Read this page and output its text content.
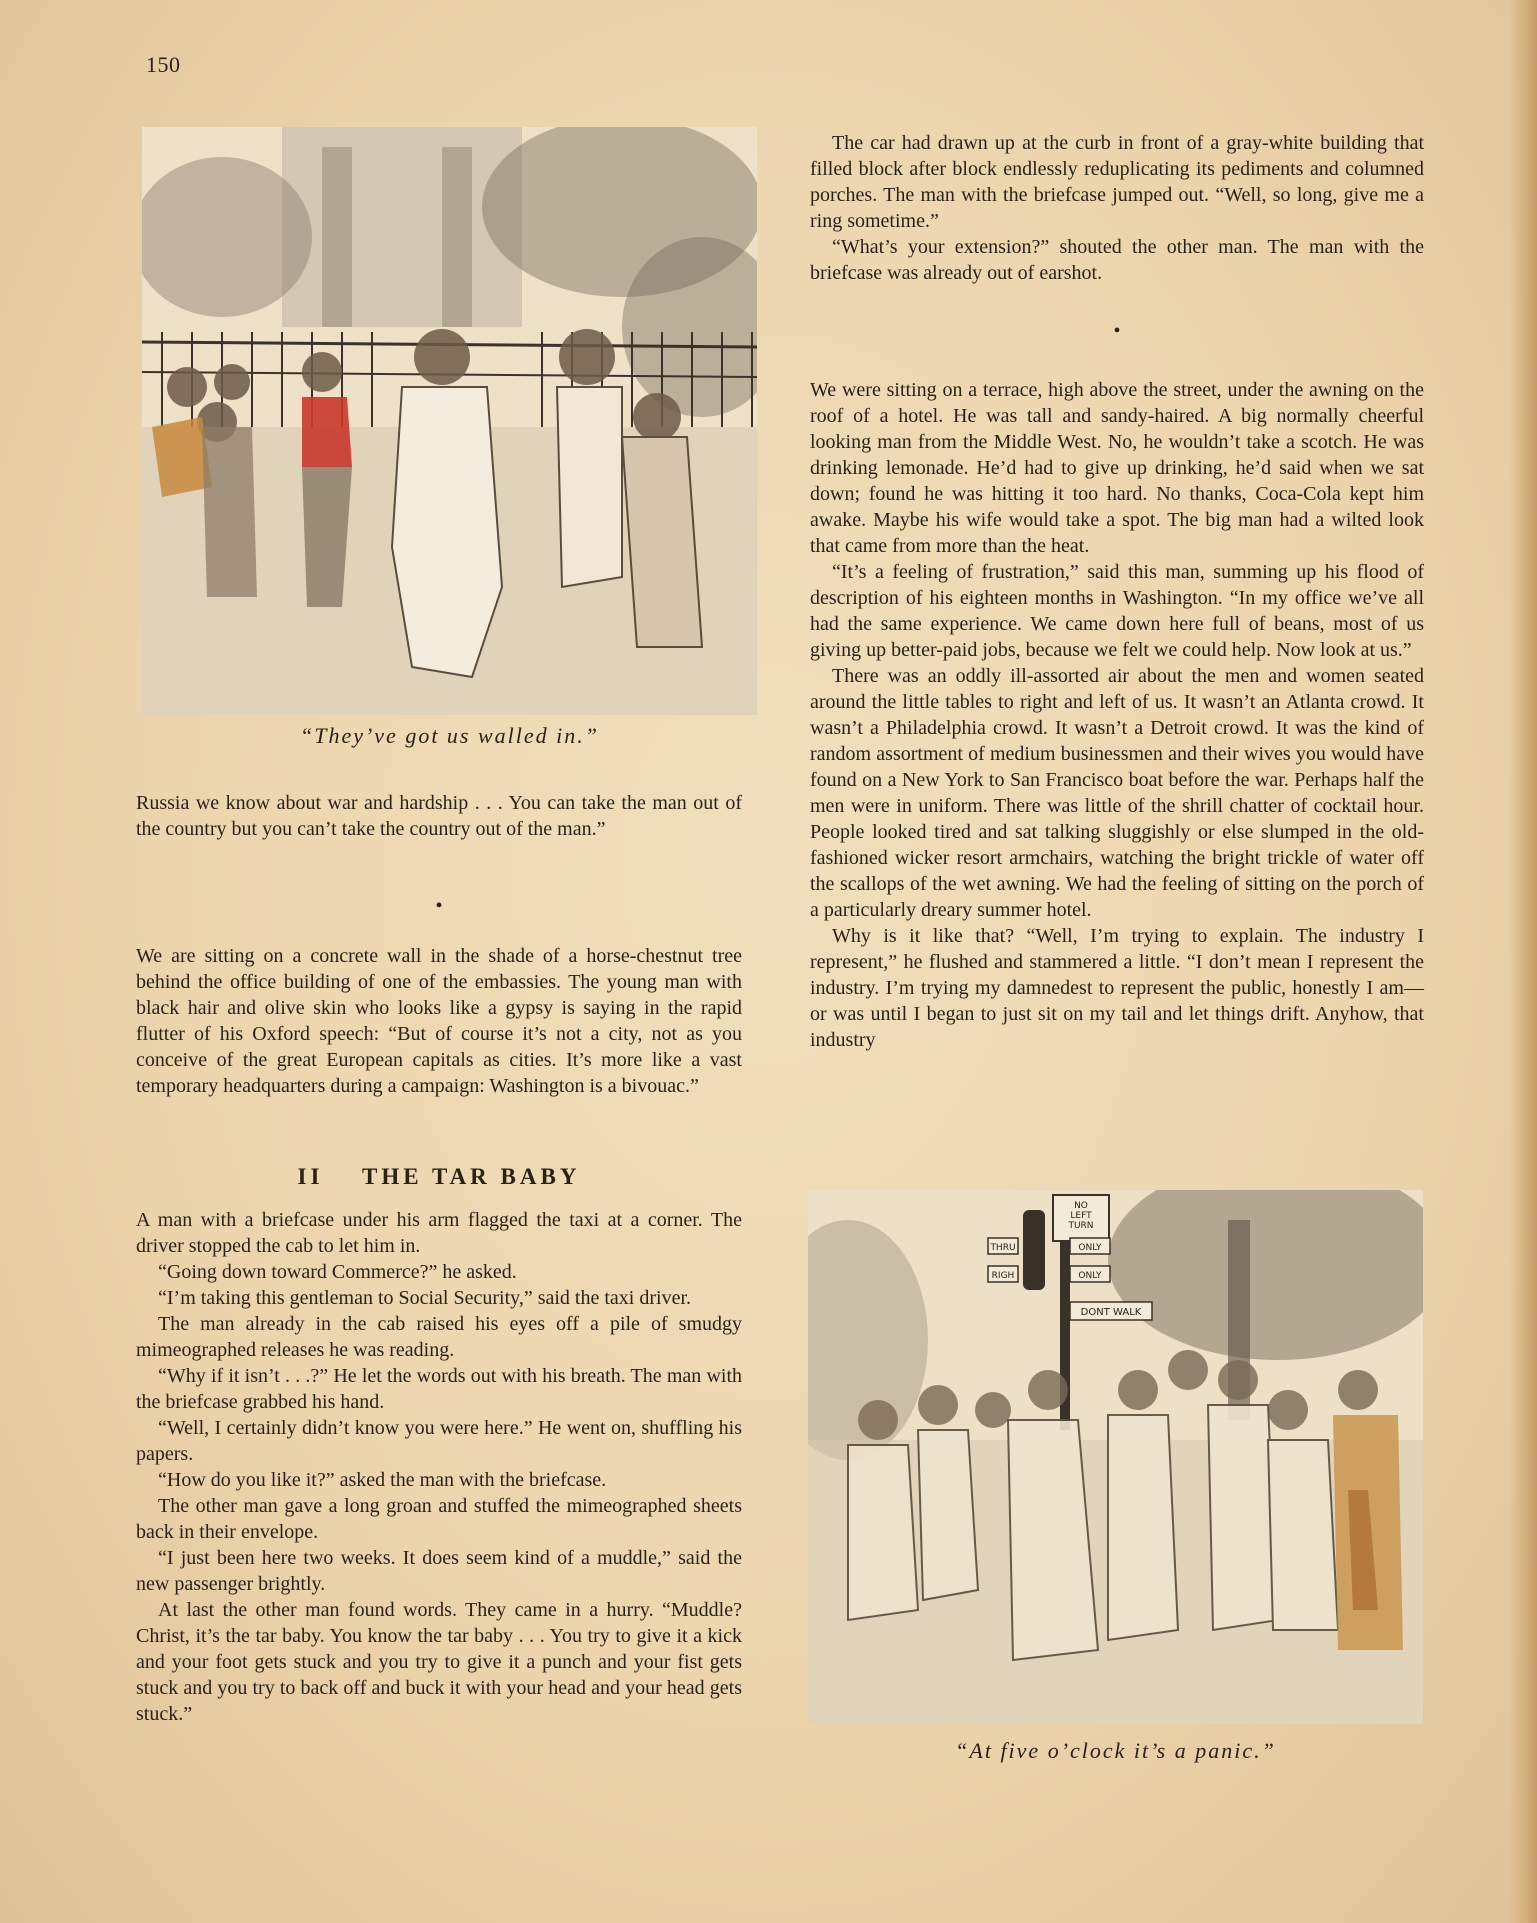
150
“They’ve got us walled in.”

Russia we know about war and hardship . . . You can take the man out of the country but you can’t take the country out of the man.”

•

We are sitting on a concrete wall in the shade of a horse-chestnut tree behind the office building of one of the embassies. The young man with black hair and olive skin who looks like a gypsy is saying in the rapid flutter of his Oxford speech: “But of course it’s not a city, not as you conceive of the great European capitals as cities. It’s more like a vast temporary headquarters during a campaign: Washington is a bivouac.”

II    THE TAR BABY

A man with a briefcase under his arm flagged the taxi at a corner. The driver stopped the cab to let him in.

“Going down toward Commerce?” he asked.

“I’m taking this gentleman to Social Security,” said the taxi driver.

The man already in the cab raised his eyes off a pile of smudgy mimeographed releases he was reading.

“Why if it isn’t . . .?” He let the words out with his breath. The man with the briefcase grabbed his hand.

“Well, I certainly didn’t know you were here.” He went on, shuffling his papers.

“How do you like it?” asked the man with the briefcase.

The other man gave a long groan and stuffed the mimeographed sheets back in their envelope.

“I just been here two weeks. It does seem kind of a muddle,” said the new passenger brightly.

At last the other man found words. They came in a hurry. “Muddle? Christ, it’s the tar baby. You know the tar baby . . . You try to give it a kick and your foot gets stuck and you try to give it a punch and your fist gets stuck and you try to back off and buck it with your head and your head gets stuck.”

The car had drawn up at the curb in front of a gray-white building that filled block after block endlessly reduplicating its pediments and columned porches. The man with the briefcase jumped out. “Well, so long, give me a ring sometime.”

“What’s your extension?” shouted the other man. The man with the briefcase was already out of earshot.

•

We were sitting on a terrace, high above the street, under the awning on the roof of a hotel. He was tall and sandy-haired. A big normally cheerful looking man from the Middle West. No, he wouldn’t take a scotch. He was drinking lemonade. He’d had to give up drinking, he’d said when we sat down; found he was hitting it too hard. No thanks, Coca-Cola kept him awake. Maybe his wife would take a spot. The big man had a wilted look that came from more than the heat.

“It’s a feeling of frustration,” said this man, summing up his flood of description of his eighteen months in Washington. “In my office we’ve all had the same experience. We came down here full of beans, most of us giving up better-paid jobs, because we felt we could help. Now look at us.”

There was an oddly ill-assorted air about the men and women seated around the little tables to right and left of us. It wasn’t an Atlanta crowd. It wasn’t a Philadelphia crowd. It wasn’t a Detroit crowd. It was the kind of random assortment of medium businessmen and their wives you would have found on a New York to San Francisco boat before the war. Perhaps half the men were in uniform. There was little of the shrill chatter of cocktail hour. People looked tired and sat talking sluggishly or else slumped in the old-fashioned wicker resort armchairs, watching the bright trickle of water off the scallops of the wet awning. We had the feeling of sitting on the porch of a particularly dreary summer hotel.

Why is it like that? “Well, I’m trying to explain. The industry I represent,” he flushed and stammered a little. “I don’t mean I represent the industry. I’m trying my damnedest to represent the public, honestly I am—or was until I began to just sit on my tail and let things drift. Anyhow, that industry

NO LEFT TURN
THRU	ONLY
RIGH	ONLY
DONT WALK
“At five o’clock it’s a panic.”
